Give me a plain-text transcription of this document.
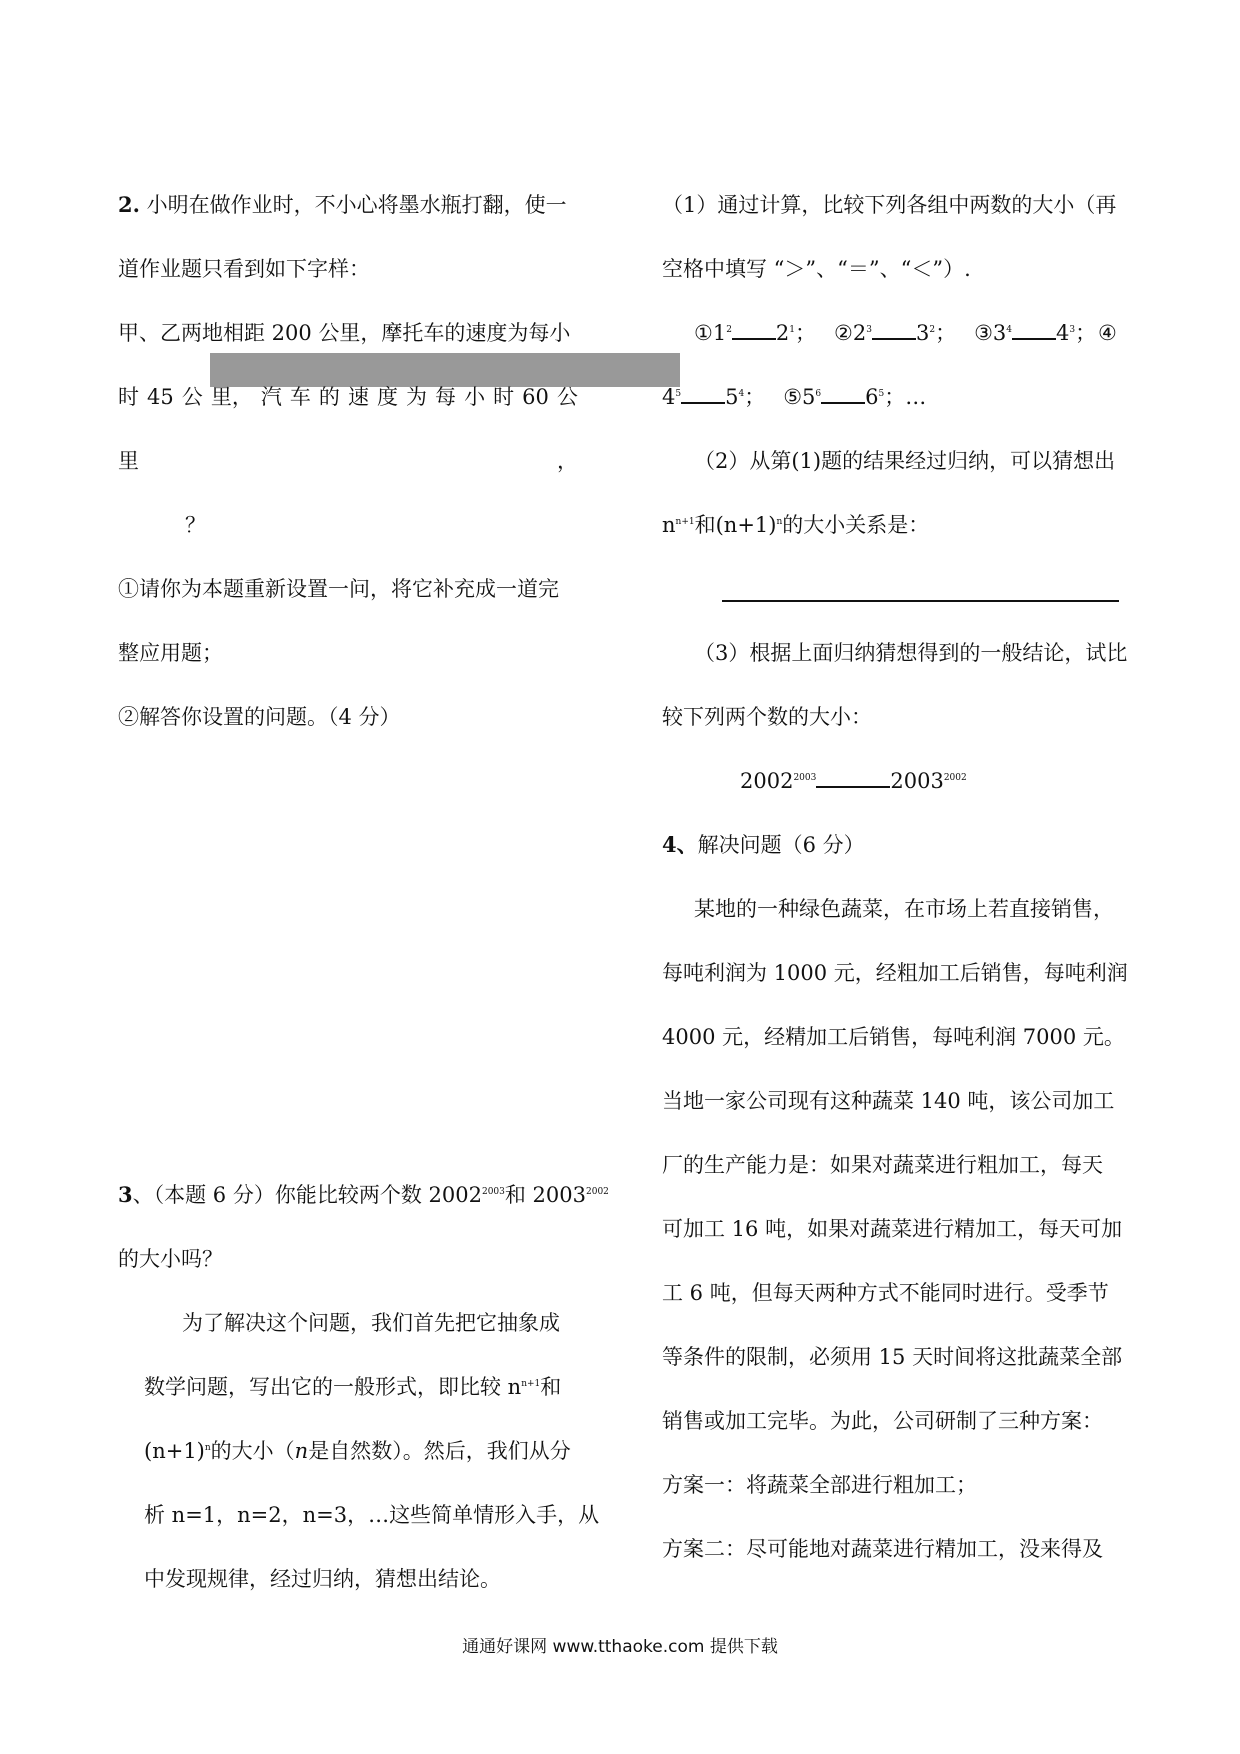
2. 小明在做作业时，不小心将墨水瓶打翻，使一
道作业题只看到如下字样：
甲、乙两地相距 200 公里，摩托车的速度为每小
时 45 公 里， 汽 车 的 速 度 为 每 小 时 60 公
里	，
？
①请你为本题重新设置一问，将它补充成一道完
整应用题；
②解答你设置的问题。（4 分）
3、（本题 6 分）你能比较两个数 $2002^{2003}$和 $2003^{2002}$
的大小吗？
为了解决这个问题，我们首先把它抽象成
数学问题，写出它的一般形式，即比较 $n^{n+1}$和
$(n+1)^n$的大小（n是自然数）。然后，我们从分
析 n=1，n=2，n=3，…这些简单情形入手，从
中发现规律，经过归纳，猜想出结论。
（1）通过计算，比较下列各组中两数的大小（再
空格中填写 “＞”、“＝”、“＜”）.
$①1^2$ $2^1$； $②2^3$ $3^2$； $③3^4$ $4^3$； ④
$4^5$ $5^4$； $⑤5^6$ $6^5$；…
（2）从第(1)题的结果经过归纳，可以猜想出
$n^{n+1}$和$(n+1)^n$的大小关系是：
（3）根据上面归纳猜想得到的一般结论，试比
较下列两个数的大小：
$2002^{2003}$	$2003^{2002}$
4、解决问题（6 分）
某地的一种绿色蔬菜，在市场上若直接销售，
每吨利润为 1000 元，经粗加工后销售，每吨利润
4000 元，经精加工后销售，每吨利润 7000 元。
当地一家公司现有这种蔬菜 140 吨，该公司加工
厂的生产能力是：如果对蔬菜进行粗加工，每天
可加工 16 吨，如果对蔬菜进行精加工，每天可加
工 6 吨，但每天两种方式不能同时进行。受季节
等条件的限制，必须用 15 天时间将这批蔬菜全部
销售或加工完毕。为此，公司研制了三种方案：
方案一：将蔬菜全部进行粗加工；
方案二：尽可能地对蔬菜进行精加工，没来得及
通通好课网 www.tthaoke.com 提供下载
